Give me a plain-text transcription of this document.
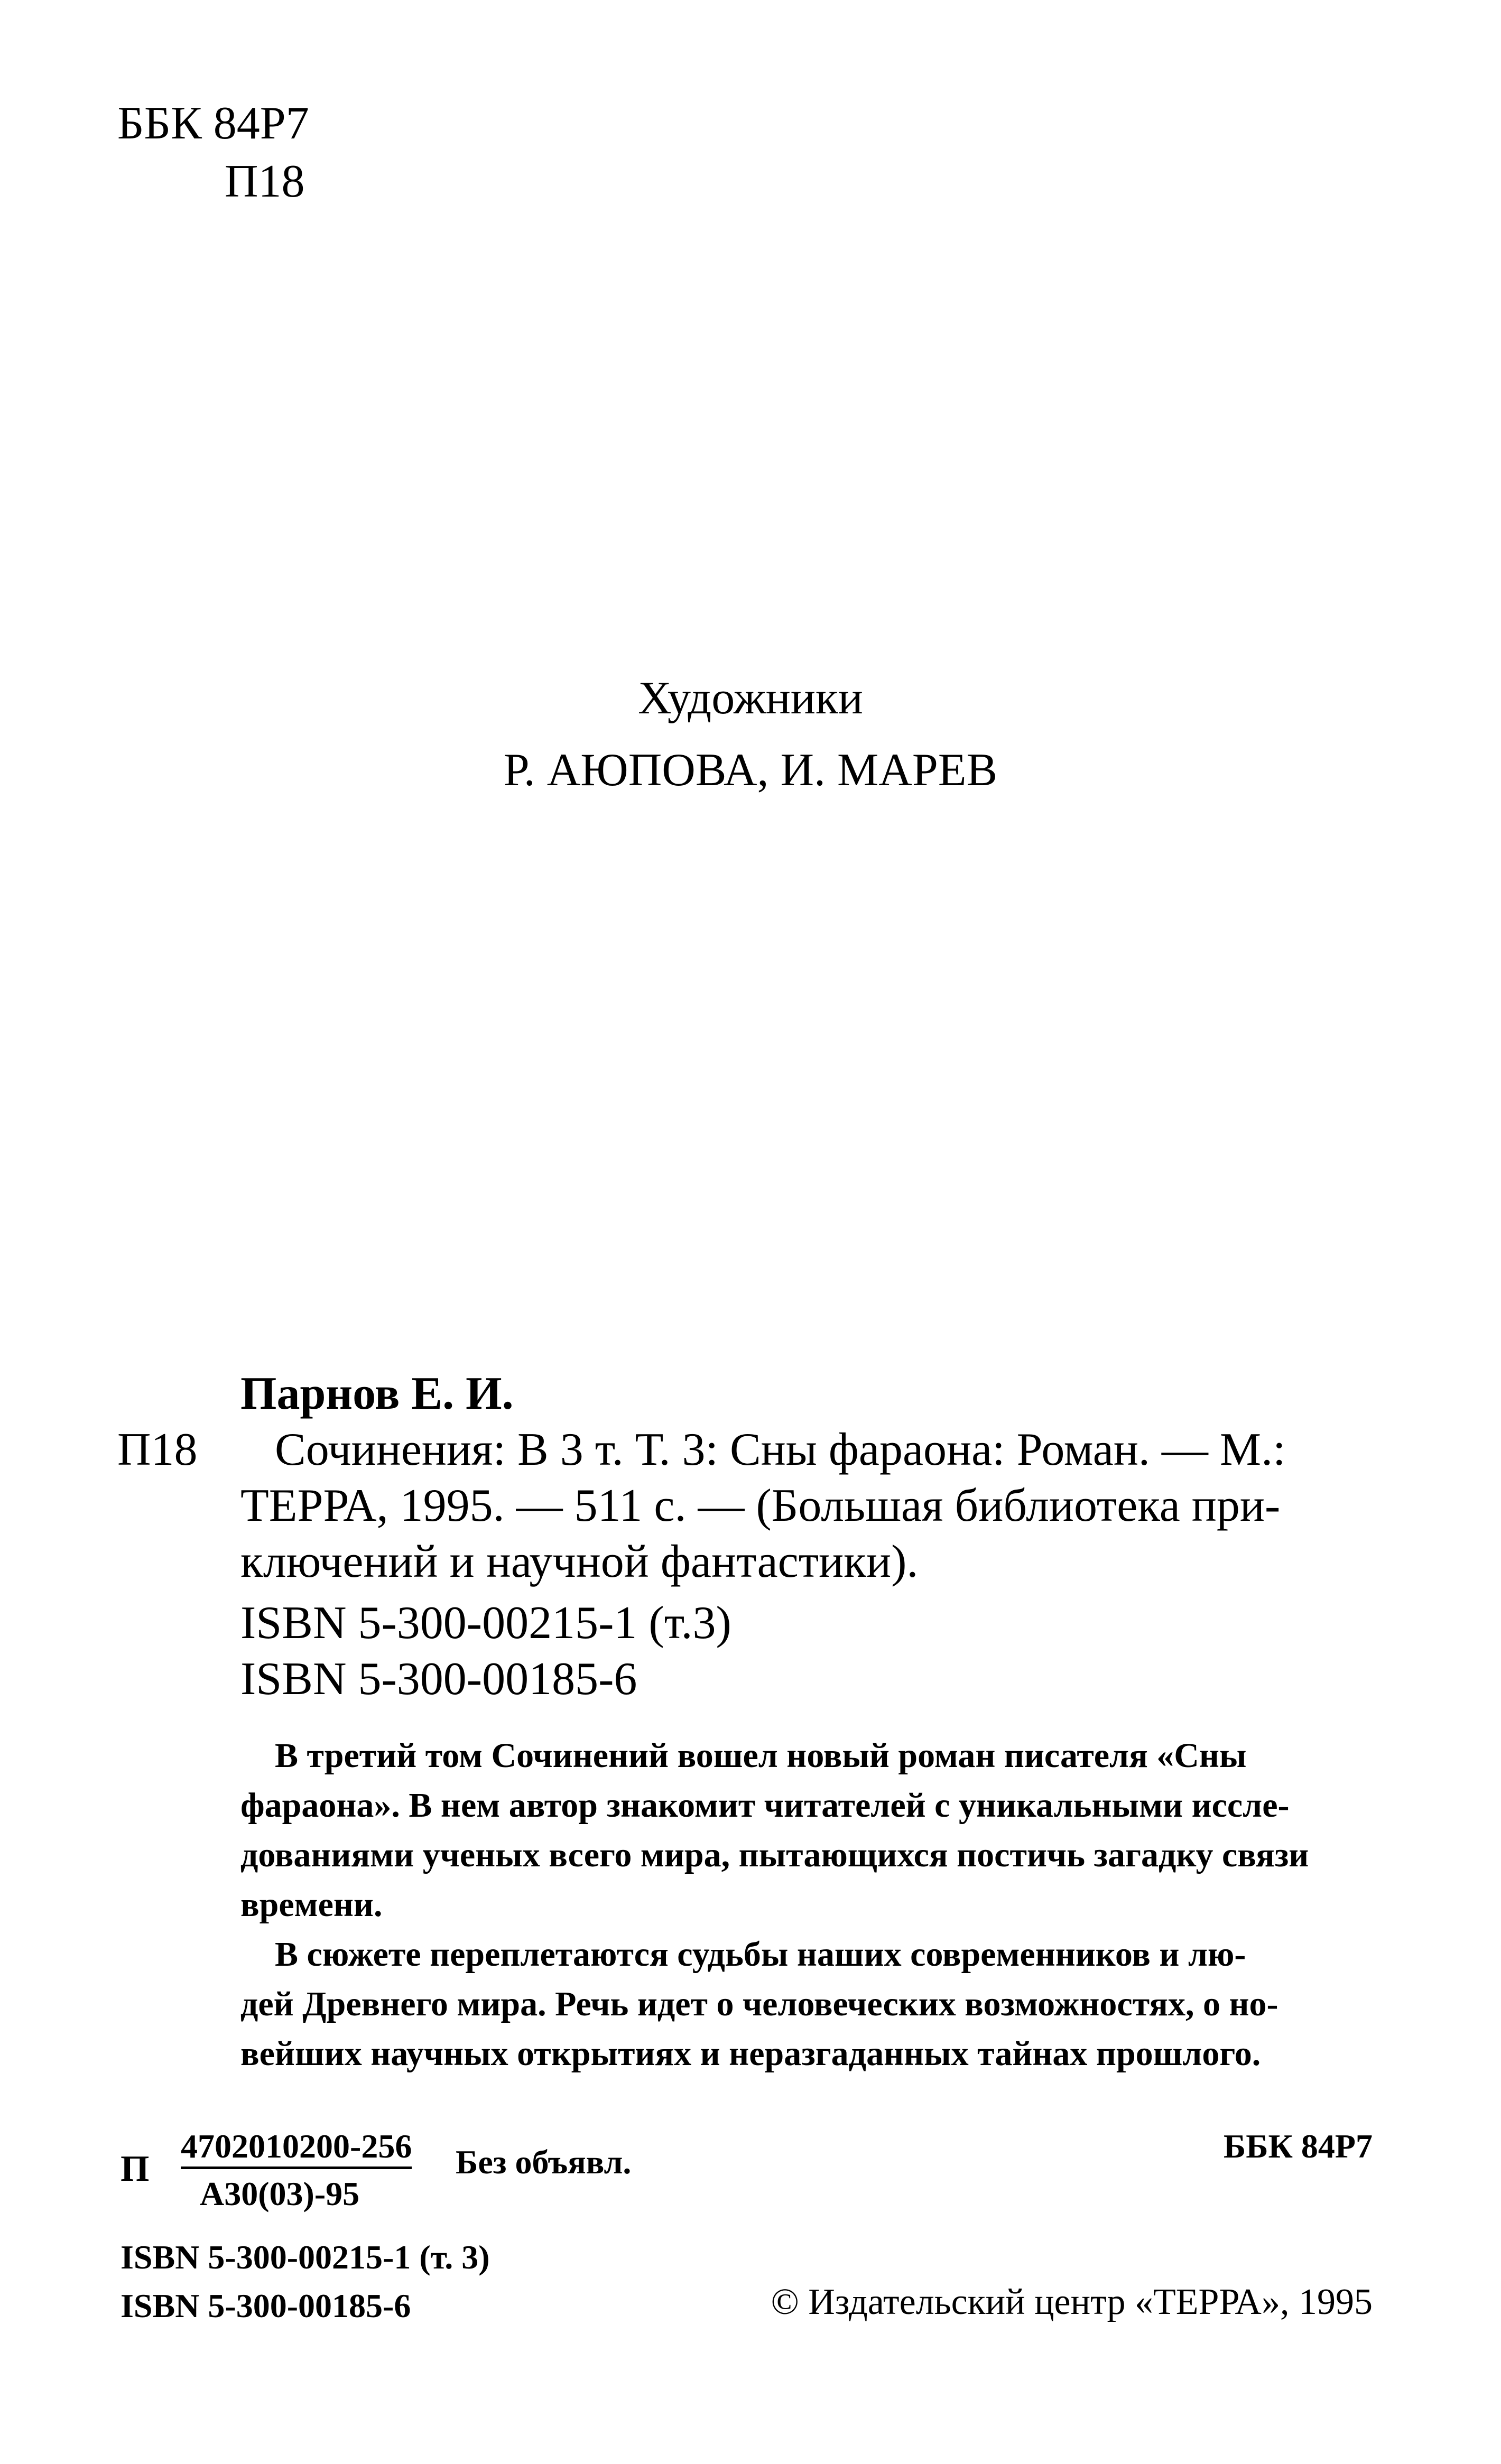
ББК 84Р7
П18
Художники
Р. АЮПОВА, И. МАРЕВ
Парнов Е. И.
П18 Сочинения: В 3 т. Т. 3: Сны фараона: Роман. — М.:
ТЕРРА, 1995. — 511 с. — (Большая библиотека при-
ключений и научной фантастики).
ISBN 5-300-00215-1 (т.3)
ISBN 5-300-00185-6
В третий том Сочинений вошел новый роман писателя «Сны
фараона». В нем автор знакомит читателей с уникальными иссле-
дованиями ученых всего мира, пытающихся постичь загадку связи
времени.
В сюжете переплетаются судьбы наших современников и лю-
дей Древнего мира. Речь идет о человеческих возможностях, о но-
вейших научных открытиях и неразгаданных тайнах прошлого.
П
4702010200-256
А30(03)-95
Без объявл.	ББК 84Р7
ISBN 5-300-00215-1 (т. 3)
ISBN 5-300-00185-6	© Издательский центр «ТЕРРА», 1995
